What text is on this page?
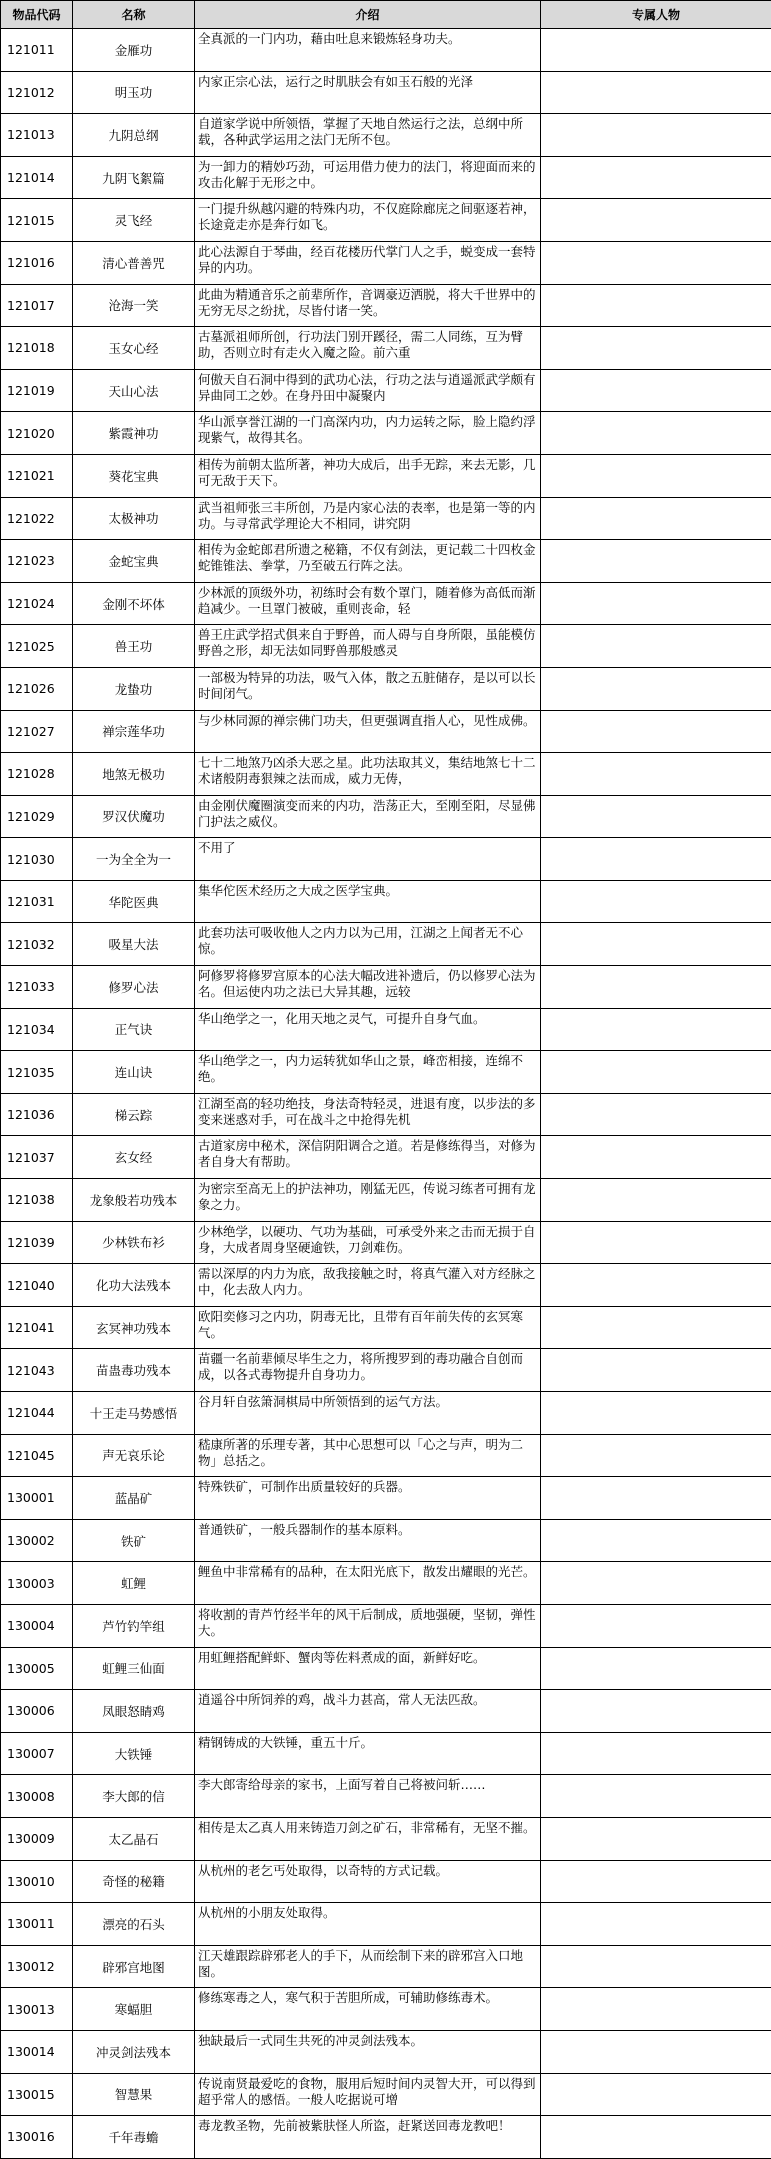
物品代码	名称	介绍	专属人物
121011	金雁功	全真派的一门内功，藉由吐息来锻炼轻身功夫。	

121012	明玉功	内家正宗心法，运行之时肌肤会有如玉石般的光泽	

121013	九阴总纲	自道家学说中所领悟，掌握了天地自然运行之法，总纲中所载，各种武学运用之法门无所不包。	

121014	九阴飞絮篇	为一卸力的精妙巧劲，可运用借力使力的法门，将迎面而来的攻击化解于无形之中。	

121015	灵飞经	一门提升纵越闪避的特殊内功，不仅庭除廊庑之间驱逐若神，长途竟走亦是奔行如飞。	

121016	清心普善咒	此心法源自于琴曲，经百花楼历代掌门人之手，蜕变成一套特异的内功。	

121017	沧海一笑	此曲为精通音乐之前辈所作，音调豪迈洒脱，将大千世界中的无穷无尽之纷扰，尽皆付诸一笑。	

121018	玉女心经	古墓派祖师所创，行功法门别开蹊径，需二人同练，互为臂助，否则立时有走火入魔之险。前六重	

121019	天山心法	何傲天自石洞中得到的武功心法，行功之法与逍遥派武学颇有异曲同工之妙。在身丹田中凝聚内	

121020	紫霞神功	华山派享誉江湖的一门高深内功，内力运转之际，脸上隐约浮现紫气，故得其名。	

121021	葵花宝典	相传为前朝太监所著，神功大成后，出手无踪，来去无影，几可无敌于天下。	

121022	太极神功	武当祖师张三丰所创，乃是内家心法的表率，也是第一等的内功。与寻常武学理论大不相同，讲究阴	

121023	金蛇宝典	相传为金蛇郎君所遗之秘籍，不仅有剑法，更记载二十四枚金蛇锥锥法、拳掌，乃至破五行阵之法。	

121024	金刚不坏体	少林派的顶级外功，初练时会有数个罩门，随着修为高低而渐趋减少。一旦罩门被破，重则丧命，轻	

121025	兽王功	兽王庄武学招式俱来自于野兽，而人碍与自身所限，虽能模仿野兽之形，却无法如同野兽那般感灵	

121026	龙蛰功	一部极为特异的功法，吸气入体，散之五脏储存，是以可以长时间闭气。	

121027	禅宗莲华功	与少林同源的禅宗佛门功夫，但更强调直指人心，见性成佛。	

121028	地煞无极功	七十二地煞乃凶杀大恶之星。此功法取其义，集结地煞七十二术诸般阴毒狠辣之法而成，威力无俦，	

121029	罗汉伏魔功	由金刚伏魔圈演变而来的内功，浩荡正大，至刚至阳，尽显佛门护法之威仪。	

121030	一为全全为一	不用了	

121031	华陀医典	集华佗医术经历之大成之医学宝典。	

121032	吸星大法	此套功法可吸收他人之内力以为己用，江湖之上闻者无不心惊。	

121033	修罗心法	阿修罗将修罗宫原本的心法大幅改进补遗后，仍以修罗心法为名。但运使内功之法已大异其趣，远较	

121034	正气诀	华山绝学之一，化用天地之灵气，可提升自身气血。	

121035	连山诀	华山绝学之一，内力运转犹如华山之景，峰峦相接，连绵不绝。	

121036	梯云踪	江湖至高的轻功绝技，身法奇特轻灵，进退有度，以步法的多变来迷惑对手，可在战斗之中抢得先机	

121037	玄女经	古道家房中秘术，深信阴阳调合之道。若是修练得当，对修为者自身大有帮助。	

121038	龙象般若功残本	为密宗至高无上的护法神功，刚猛无匹，传说习练者可拥有龙象之力。	

121039	少林铁布衫	少林绝学，以硬功、气功为基础，可承受外来之击而无损于自身，大成者周身坚硬逾铁，刀剑难伤。	

121040	化功大法残本	需以深厚的内力为底，敌我接触之时，将真气灌入对方经脉之中，化去敌人内力。	

121041	玄冥神功残本	欧阳奕修习之内功，阴毒无比，且带有百年前失传的玄冥寒气。	

121043	苗蛊毒功残本	苗疆一名前辈倾尽毕生之力，将所搜罗到的毒功融合自创而成，以各式毒物提升自身功力。	

121044	十王走马势感悟	谷月轩自弦箫洞棋局中所领悟到的运气方法。	

121045	声无哀乐论	嵇康所著的乐理专著，其中心思想可以「心之与声，明为二物」总括之。	

130001	蓝晶矿	特殊铁矿，可制作出质量较好的兵器。	

130002	铁矿	普通铁矿，一般兵器制作的基本原料。	

130003	虹鲤	鲤鱼中非常稀有的品种，在太阳光底下，散发出耀眼的光芒。	

130004	芦竹钓竿组	将收割的青芦竹经半年的风干后制成，质地强硬，坚韧，弹性大。	

130005	虹鲤三仙面	用虹鲤搭配鲜虾、蟹肉等佐料煮成的面，新鲜好吃。	

130006	凤眼怒睛鸡	逍遥谷中所饲养的鸡，战斗力甚高，常人无法匹敌。	

130007	大铁锤	精钢铸成的大铁锤，重五十斤。	

130008	李大郎的信	李大郎寄给母亲的家书，上面写着自己将被问斩……	

130009	太乙晶石	相传是太乙真人用来铸造刀剑之矿石，非常稀有，无坚不摧。	

130010	奇怪的秘籍	从杭州的老乞丐处取得，以奇特的方式记载。	

130011	漂亮的石头	从杭州的小朋友处取得。	

130012	辟邪宫地图	江天雄跟踪辟邪老人的手下，从而绘制下来的辟邪宫入口地图。	

130013	寒蝠胆	修练寒毒之人，寒气积于苦胆所成，可辅助修练毒术。	

130014	冲灵剑法残本	独缺最后一式同生共死的冲灵剑法残本。	

130015	智慧果	传说南贤最爱吃的食物，服用后短时间内灵智大开，可以得到超乎常人的感悟。一般人吃据说可增	

130016	千年毒蟾	毒龙教圣物，先前被紫肤怪人所盗，赶紧送回毒龙教吧！	
